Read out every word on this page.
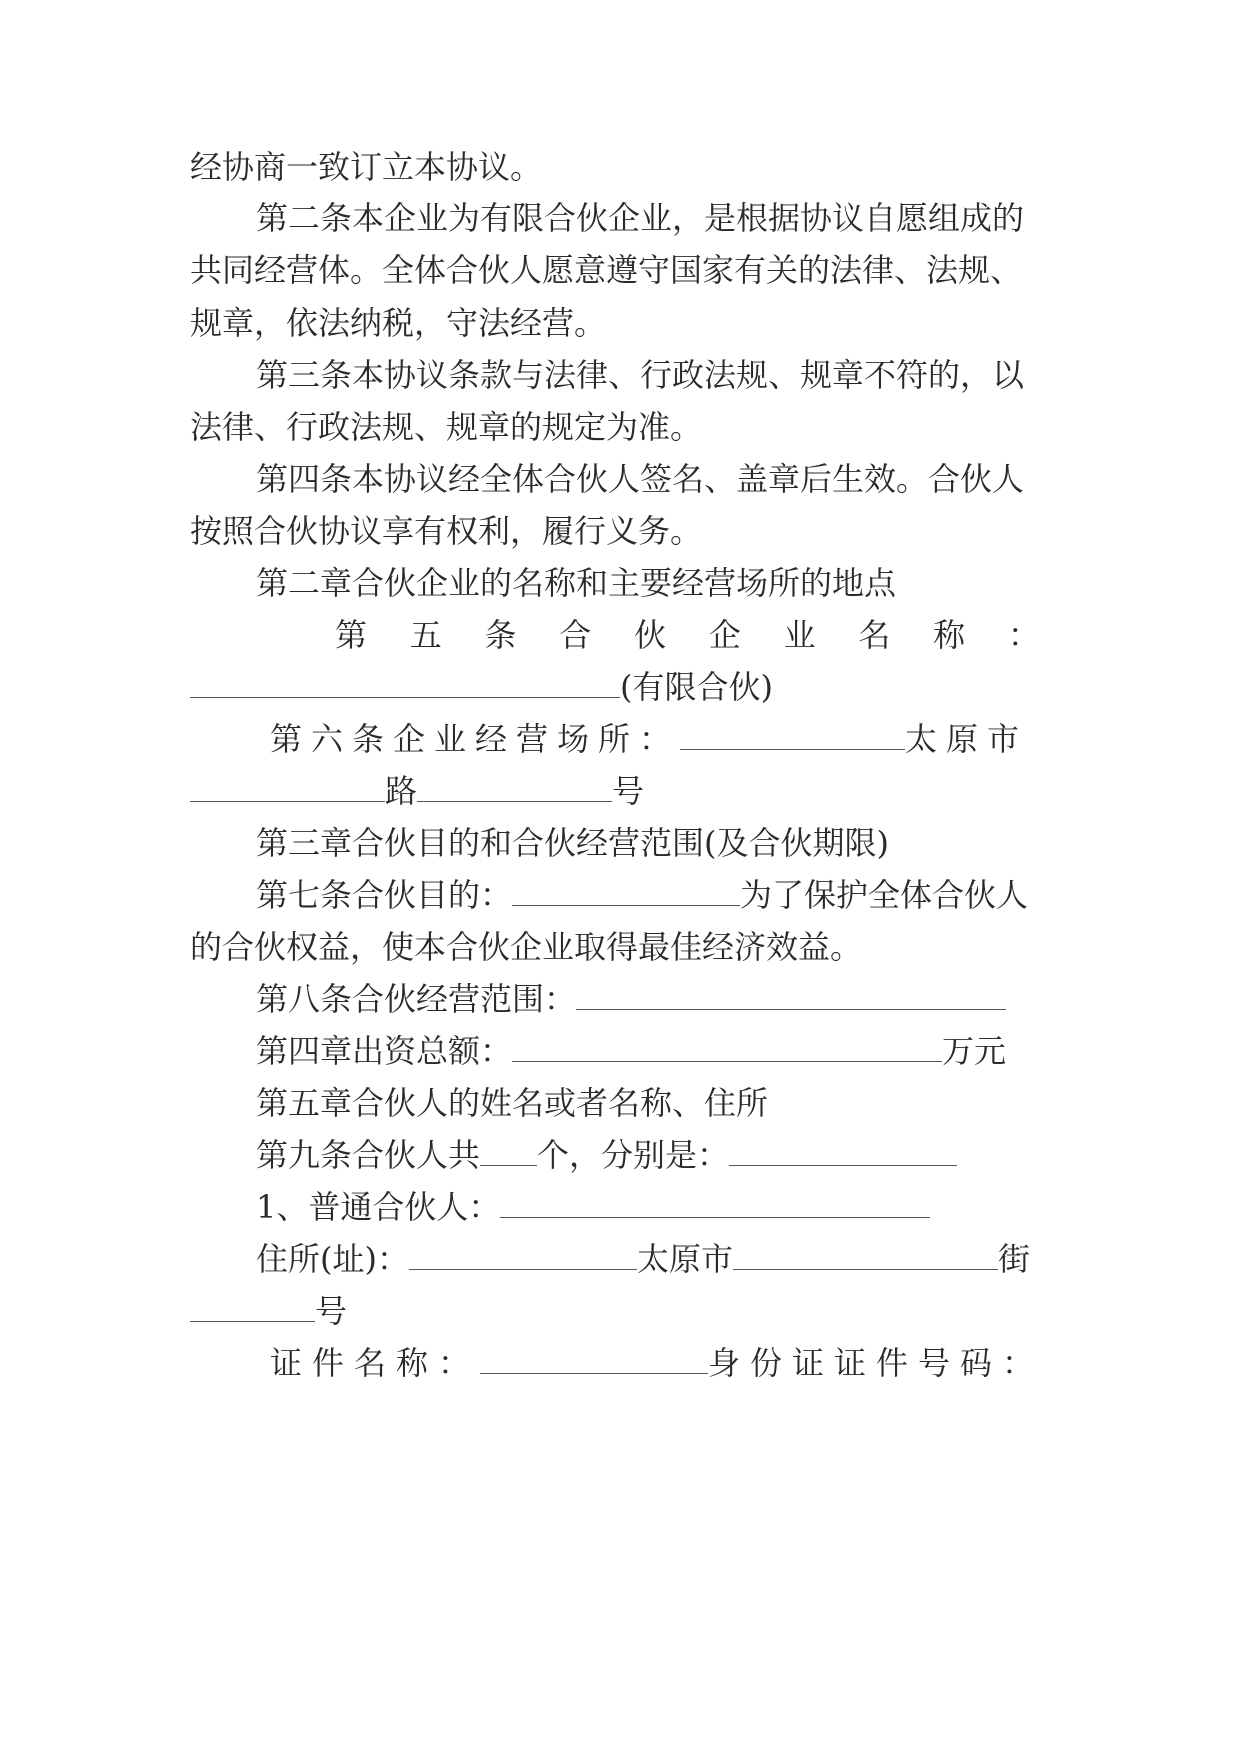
经协商一致订立本协议。
第二条本企业为有限合伙企业，是根据协议自愿组成的
共同经营体。全体合伙人愿意遵守国家有关的法律、法规、
规章，依法纳税，守法经营。
第三条本协议条款与法律、行政法规、规章不符的，以
法律、行政法规、规章的规定为准。
第四条本协议经全体合伙人签名、盖章后生效。合伙人
按照合伙协议享有权利，履行义务。
第二章合伙企业的名称和主要经营场所的地点
第 五 条 合 伙 企 业 名 称 ：
(有限合伙)
第六条企业经营场所：	太原市
路	号
第三章合伙目的和合伙经营范围(及合伙期限)
第七条合伙目的：	为了保护全体合伙人
的合伙权益，使本合伙企业取得最佳经济效益。
第八条合伙经营范围：
第四章出资总额：	万元
第五章合伙人的姓名或者名称、住所
第九条合伙人共 个，分别是：
1、普通合伙人：
住所(址)：	太原市	街
号
证件名称：	身份证证件号码：
